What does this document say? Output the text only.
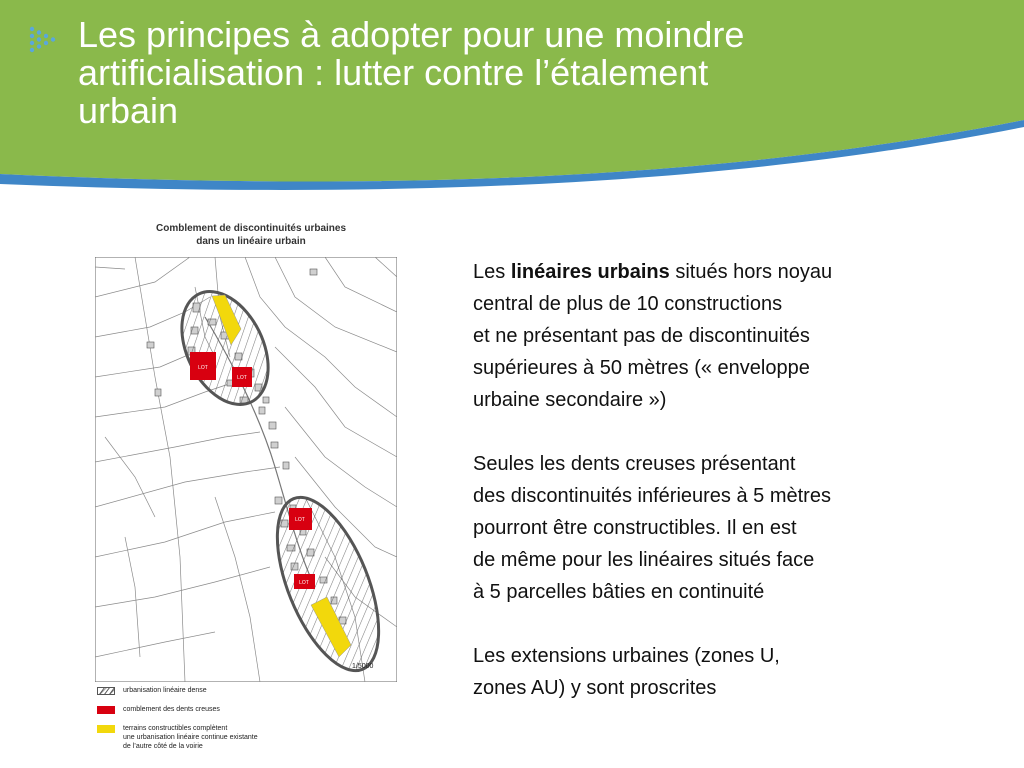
Les principes à adopter pour une moindre
artificialisation : lutter contre l’étalement
urbain
Comblement de discontinuités urbaines
dans un linéaire urbain
LOT
LOT
LOT
LOT
1/5000
urbanisation linéaire dense
comblement des dents creuses
terrains constructibles complètent
une urbanisation linéaire continue existante
de l’autre côté de la voirie

Les linéaires urbains situés hors noyau
central de plus de 10 constructions
et ne présentant pas de discontinuités
supérieures à 50 mètres (« enveloppe
urbaine secondaire »)

Seules les dents creuses présentant
des discontinuités inférieures à 5 mètres
pourront être constructibles. Il en est
de même pour les linéaires situés face
à 5 parcelles bâties en continuité

Les extensions urbaines (zones U,
zones AU) y sont proscrites
